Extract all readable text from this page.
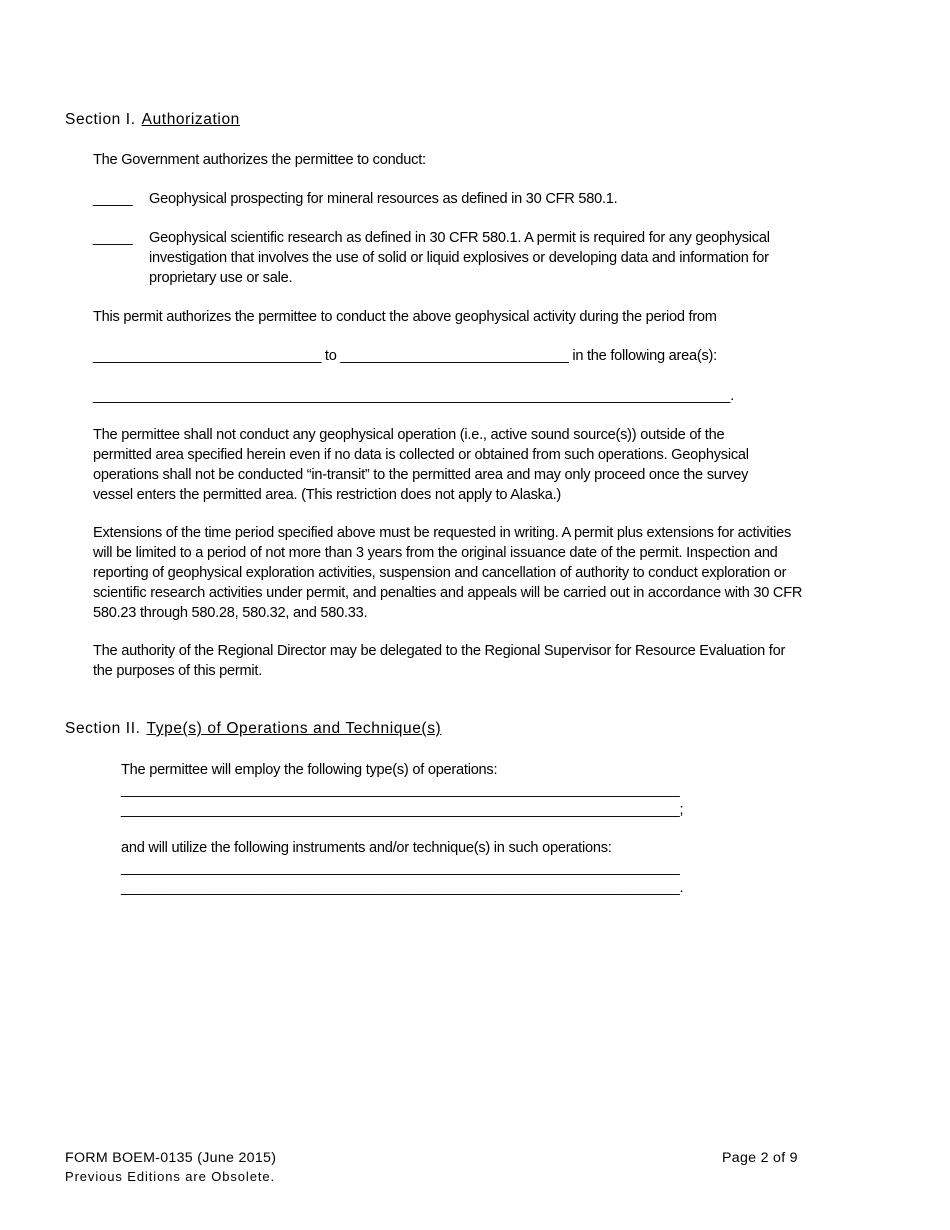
Section I. Authorization
The Government authorizes the permittee to conduct:
_____ Geophysical prospecting for mineral resources as defined in 30 CFR 580.1.
_____ Geophysical scientific research as defined in 30 CFR 580.1. A permit is required for any geophysical
investigation that involves the use of solid or liquid explosives or developing data and information for
proprietary use or sale.
This permit authorizes the permittee to conduct the above geophysical activity during the period from
_____________________________ to _____________________________ in the following area(s):
_________________________________________________________________________________.
The permittee shall not conduct any geophysical operation (i.e., active sound source(s)) outside of the
permitted area specified herein even if no data is collected or obtained from such operations. Geophysical
operations shall not be conducted “in-transit” to the permitted area and may only proceed once the survey
vessel enters the permitted area. (This restriction does not apply to Alaska.)
Extensions of the time period specified above must be requested in writing. A permit plus extensions for activities
will be limited to a period of not more than 3 years from the original issuance date of the permit. Inspection and
reporting of geophysical exploration activities, suspension and cancellation of authority to conduct exploration or
scientific research activities under permit, and penalties and appeals will be carried out in accordance with 30 CFR
580.23 through 580.28, 580.32, and 580.33.
The authority of the Regional Director may be delegated to the Regional Supervisor for Resource Evaluation for
the purposes of this permit.
Section II. Type(s) of Operations and Technique(s)
The permittee will employ the following type(s) of operations:
_______________________________________________________________________
_______________________________________________________________________;
and will utilize the following instruments and/or technique(s) in such operations:
_______________________________________________________________________
_______________________________________________________________________.
FORM BOEM-0135 (June 2015)
Previous Editions are Obsolete.
Page 2 of 9
